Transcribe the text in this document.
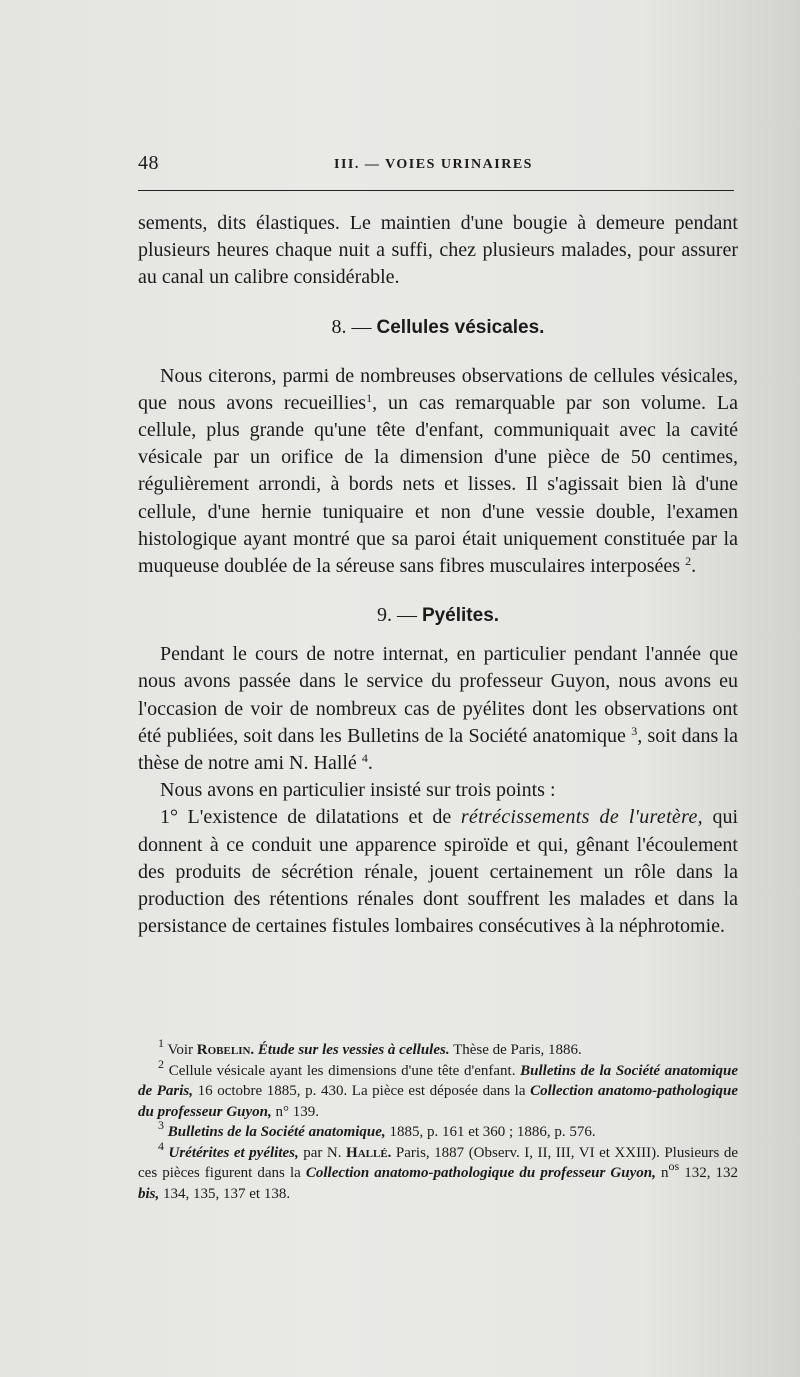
48	III. — VOIES URINAIRES

sements, dits élastiques. Le maintien d'une bougie à demeure pendant plusieurs heures chaque nuit a suffi, chez plusieurs malades, pour assurer au canal un calibre considérable.

8. — Cellules vésicales.

Nous citerons, parmi de nombreuses observations de cellules vésicales, que nous avons recueillies$^1$, un cas remarquable par son volume. La cellule, plus grande qu'une tête d'enfant, communiquait avec la cavité vésicale par un orifice de la dimension d'une pièce de 50 centimes, régulièrement arrondi, à bords nets et lisses. Il s'agissait bien là d'une cellule, d'une hernie tuniquaire et non d'une vessie double, l'examen histologique ayant montré que sa paroi était uniquement constituée par la muqueuse doublée de la séreuse sans fibres musculaires interposées $^2$.

9. — Pyélites.

Pendant le cours de notre internat, en particulier pendant l'année que nous avons passée dans le service du professeur Guyon, nous avons eu l'occasion de voir de nombreux cas de pyélites dont les observations ont été publiées, soit dans les Bulletins de la Société anatomique $^3$, soit dans la thèse de notre ami N. Hallé $^4$.

Nous avons en particulier insisté sur trois points :

1° L'existence de dilatations et de rétrécissements de l'uretère, qui donnent à ce conduit une apparence spiroïde et qui, gênant l'écoulement des produits de sécrétion rénale, jouent certainement un rôle dans la production des rétentions rénales dont souffrent les malades et dans la persistance de certaines fistules lombaires consécutives à la néphrotomie.

$^1$ Voir Robelin. Étude sur les vessies à cellules. Thèse de Paris, 1886.

$^2$ Cellule vésicale ayant les dimensions d'une tête d'enfant. Bulletins de la Société anatomique de Paris, 16 octobre 1885, p. 430. La pièce est déposée dans la Collection anatomo-pathologique du professeur Guyon, n° 139.

$^3$ Bulletins de la Société anatomique, 1885, p. 161 et 360 ; 1886, p. 576.

$^4$ Urétérites et pyélites, par N. Hallé. Paris, 1887 (Observ. I, II, III, VI et XXIII). Plusieurs de ces pièces figurent dans la Collection anatomo-pathologique du professeur Guyon, $n^{os}$ 132, 132 bis, 134, 135, 137 et 138.
